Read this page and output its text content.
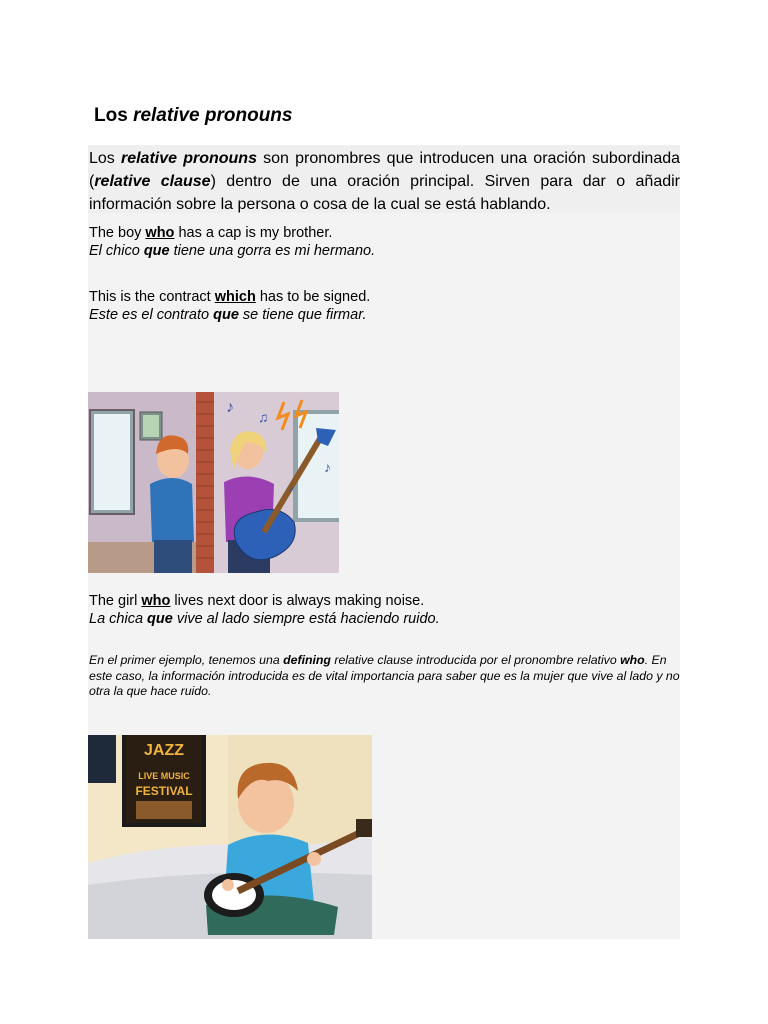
Los relative pronouns
Los relative pronouns son pronombres que introducen una oración subordinada (relative clause) dentro de una oración principal. Sirven para dar o añadir información sobre la persona o cosa de la cual se está hablando.
The boy who has a cap is my brother.
El chico que tiene una gorra es mi hermano.
This is the contract which has to be signed.
Este es el contrato que se tiene que firmar.
♪
♫
♪
♪
The girl who lives next door is always making noise.
La chica que vive al lado siempre está haciendo ruido.
En el primer ejemplo, tenemos una defining relative clause introducida por el pronombre relativo who. En este caso, la información introducida es de vital importancia para saber que es la mujer que vive al lado y no otra la que hace ruido.
JAZZ
LIVE MUSIC
FESTIVAL
